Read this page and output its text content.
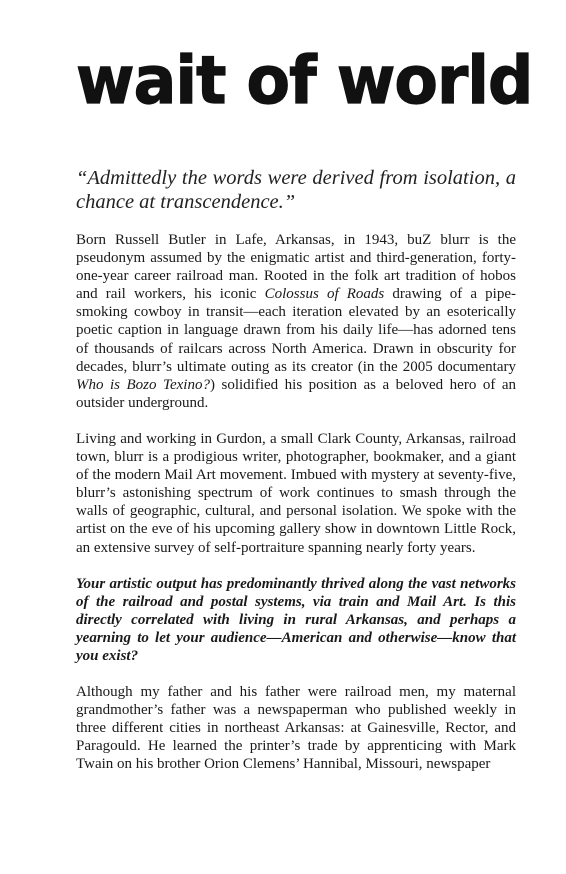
wait of world

“Admittedly the words were derived from isolation, a chance at transcendence.”

Born Russell Butler in Lafe, Arkansas, in 1943, buZ blurr is the pseudonym assumed by the enigmatic artist and third-generation, forty-one-year career railroad man. Rooted in the folk art tradition of hobos and rail workers, his iconic Colossus of Roads drawing of a pipe-smoking cowboy in transit—each iteration elevated by an esoterically poetic caption in language drawn from his daily life—has adorned tens of thousands of railcars across North America. Drawn in obscurity for decades, blurr’s ultimate outing as its creator (in the 2005 documentary Who is Bozo Texino?) solidified his position as a beloved hero of an outsider underground.

Living and working in Gurdon, a small Clark County, Arkansas, railroad town, blurr is a prodigious writer, photographer, bookmaker, and a giant of the modern Mail Art movement. Imbued with mystery at seventy-five, blurr’s astonishing spectrum of work continues to smash through the walls of geographic, cultural, and personal isolation. We spoke with the artist on the eve of his upcoming gallery show in downtown Little Rock, an extensive survey of self-portraiture spanning nearly forty years.

Your artistic output has predominantly thrived along the vast networks of the railroad and postal systems, via train and Mail Art. Is this directly correlated with living in rural Arkansas, and perhaps a yearning to let your audience—American and otherwise—know that you exist?

Although my father and his father were railroad men, my maternal grandmother’s father was a newspaperman who published weekly in three different cities in northeast Arkansas: at Gainesville, Rector, and Paragould. He learned the printer’s trade by apprenticing with Mark Twain on his brother Orion Clemens’ Hannibal, Missouri, newspaper
